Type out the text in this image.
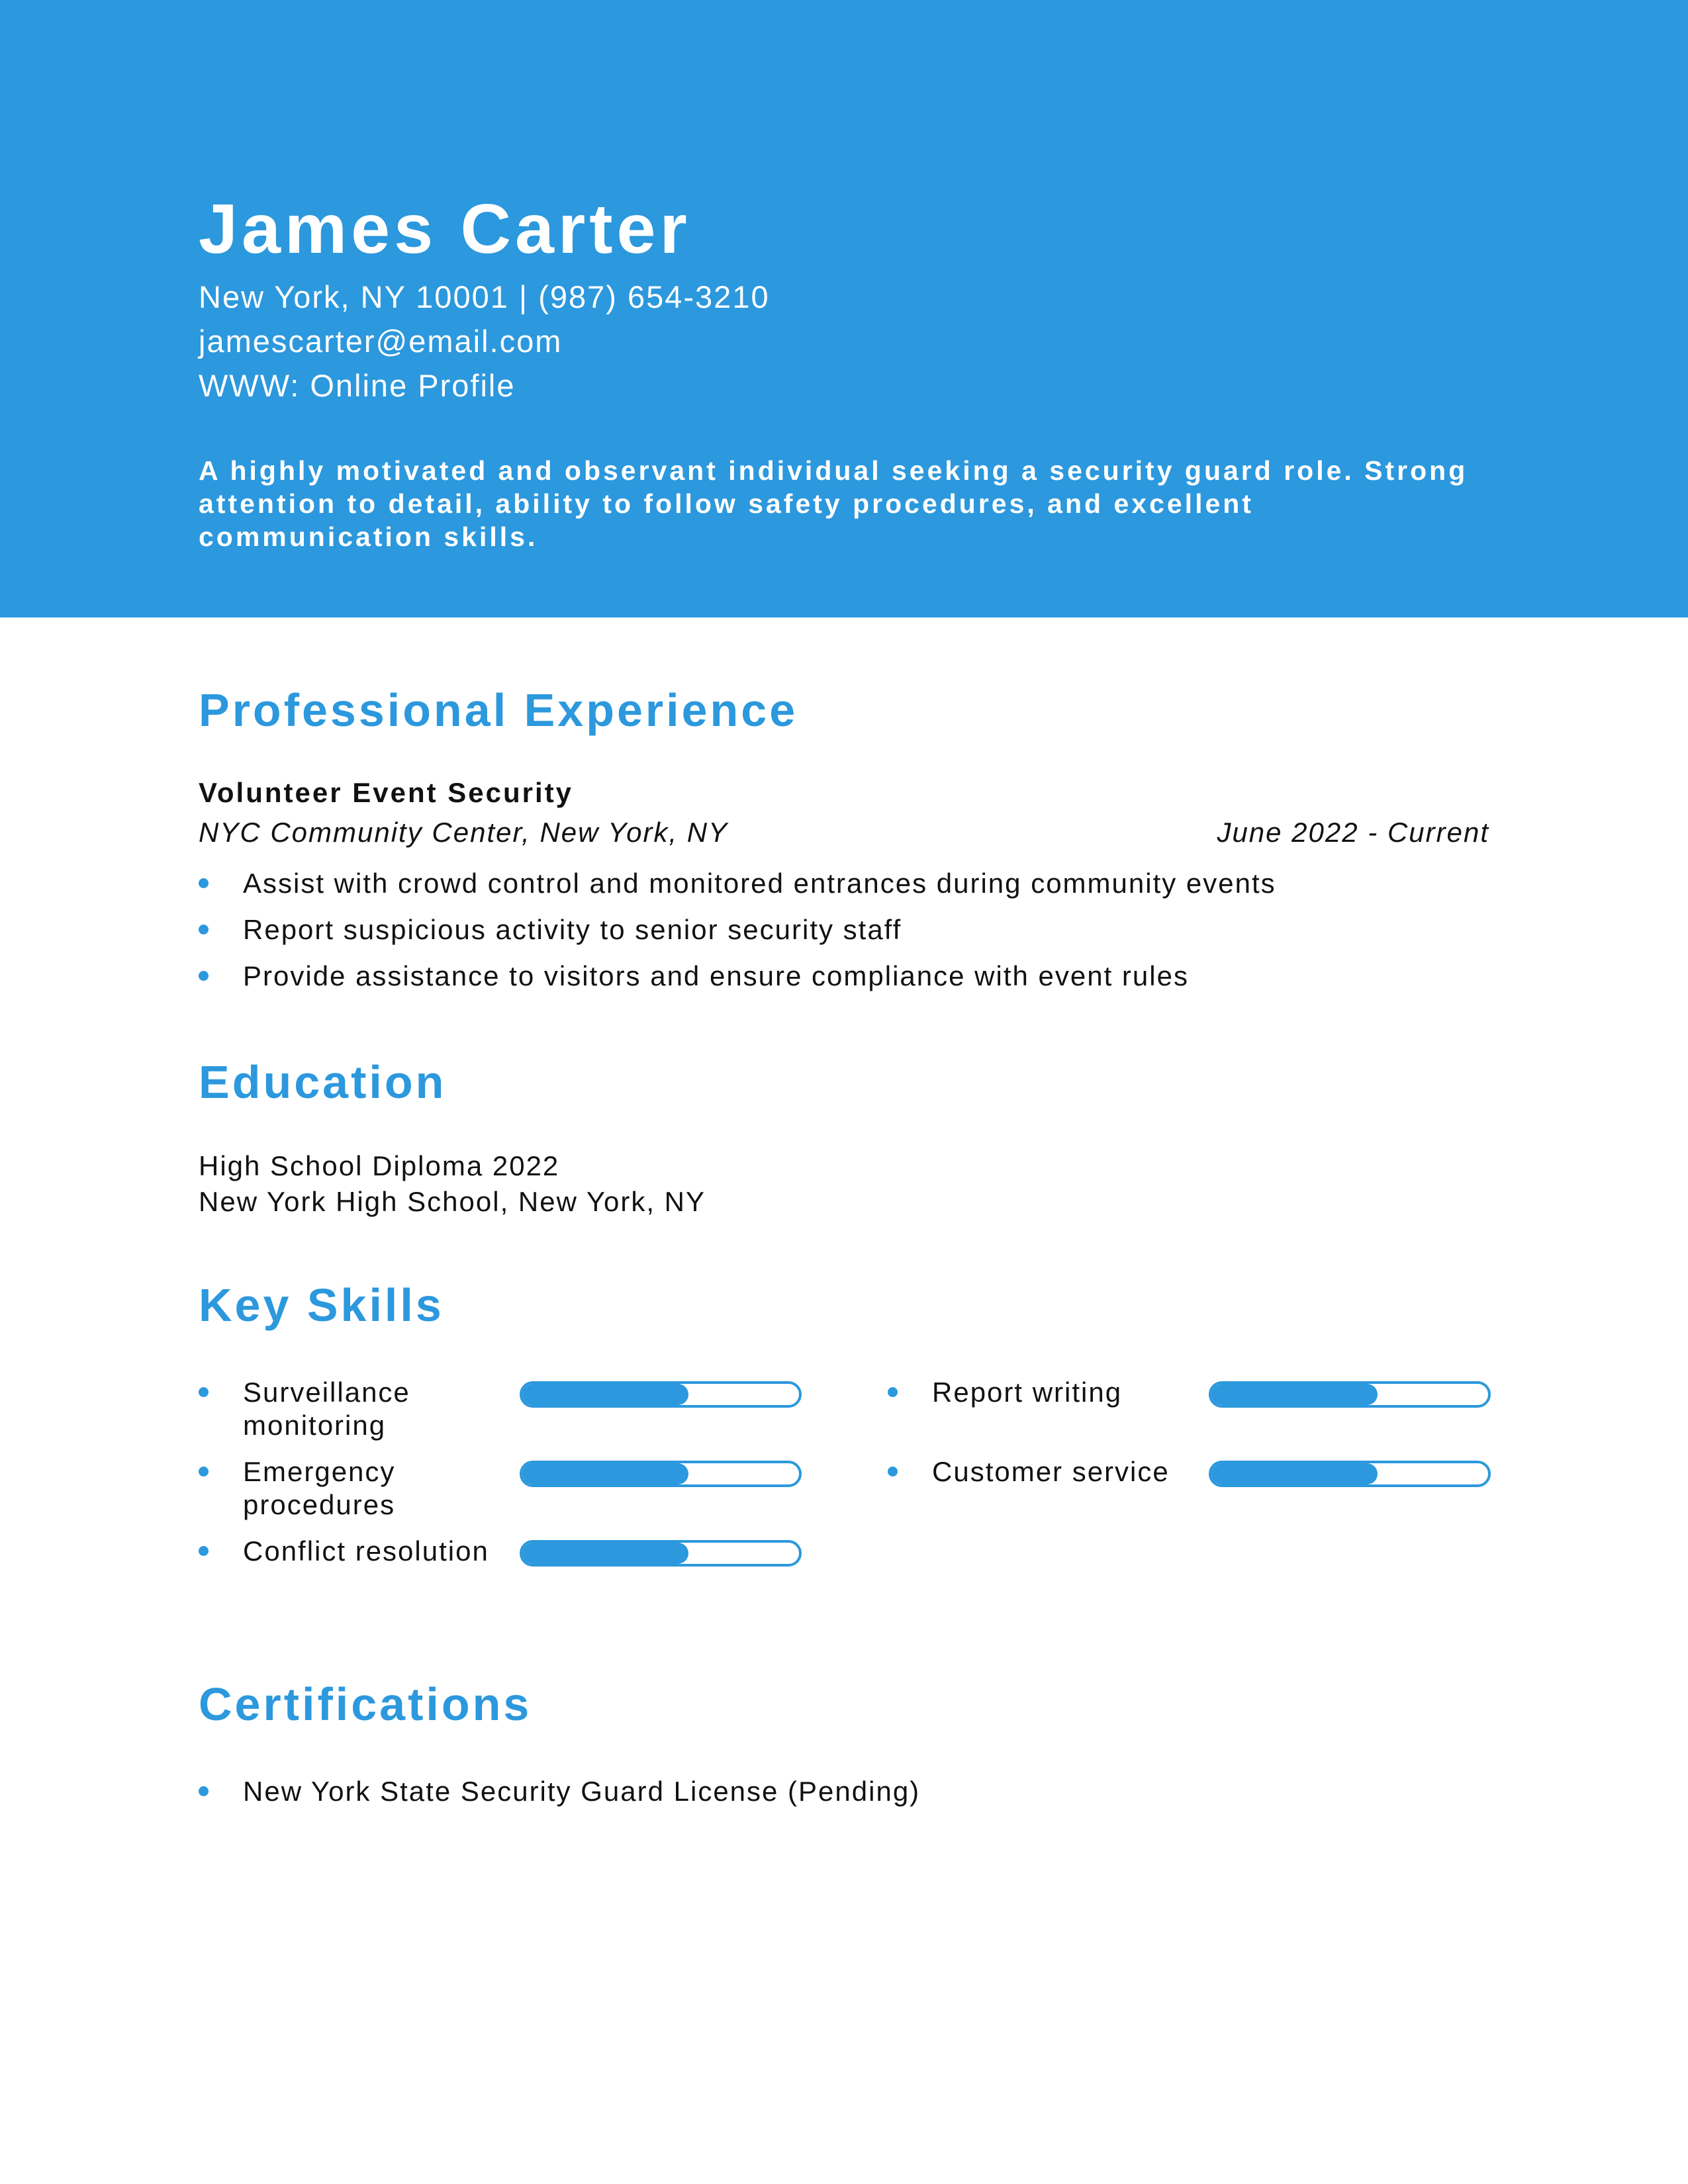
James Carter
New York, NY 10001 | (987) 654-3210
jamescarter@email.com
WWW: Online Profile
A highly motivated and observant individual seeking a security guard role. Strong attention to detail, ability to follow safety procedures, and excellent communication skills.
Professional Experience
Volunteer Event Security
NYC Community Center, New York, NY	June 2022 - Current
Assist with crowd control and monitored entrances during community events
Report suspicious activity to senior security staff
Provide assistance to visitors and ensure compliance with event rules
Education
High School Diploma 2022
New York High School, New York, NY
Key Skills
Surveillance monitoring
Report writing
Emergency procedures
Customer service
Conflict resolution
Certifications
New York State Security Guard License (Pending)
